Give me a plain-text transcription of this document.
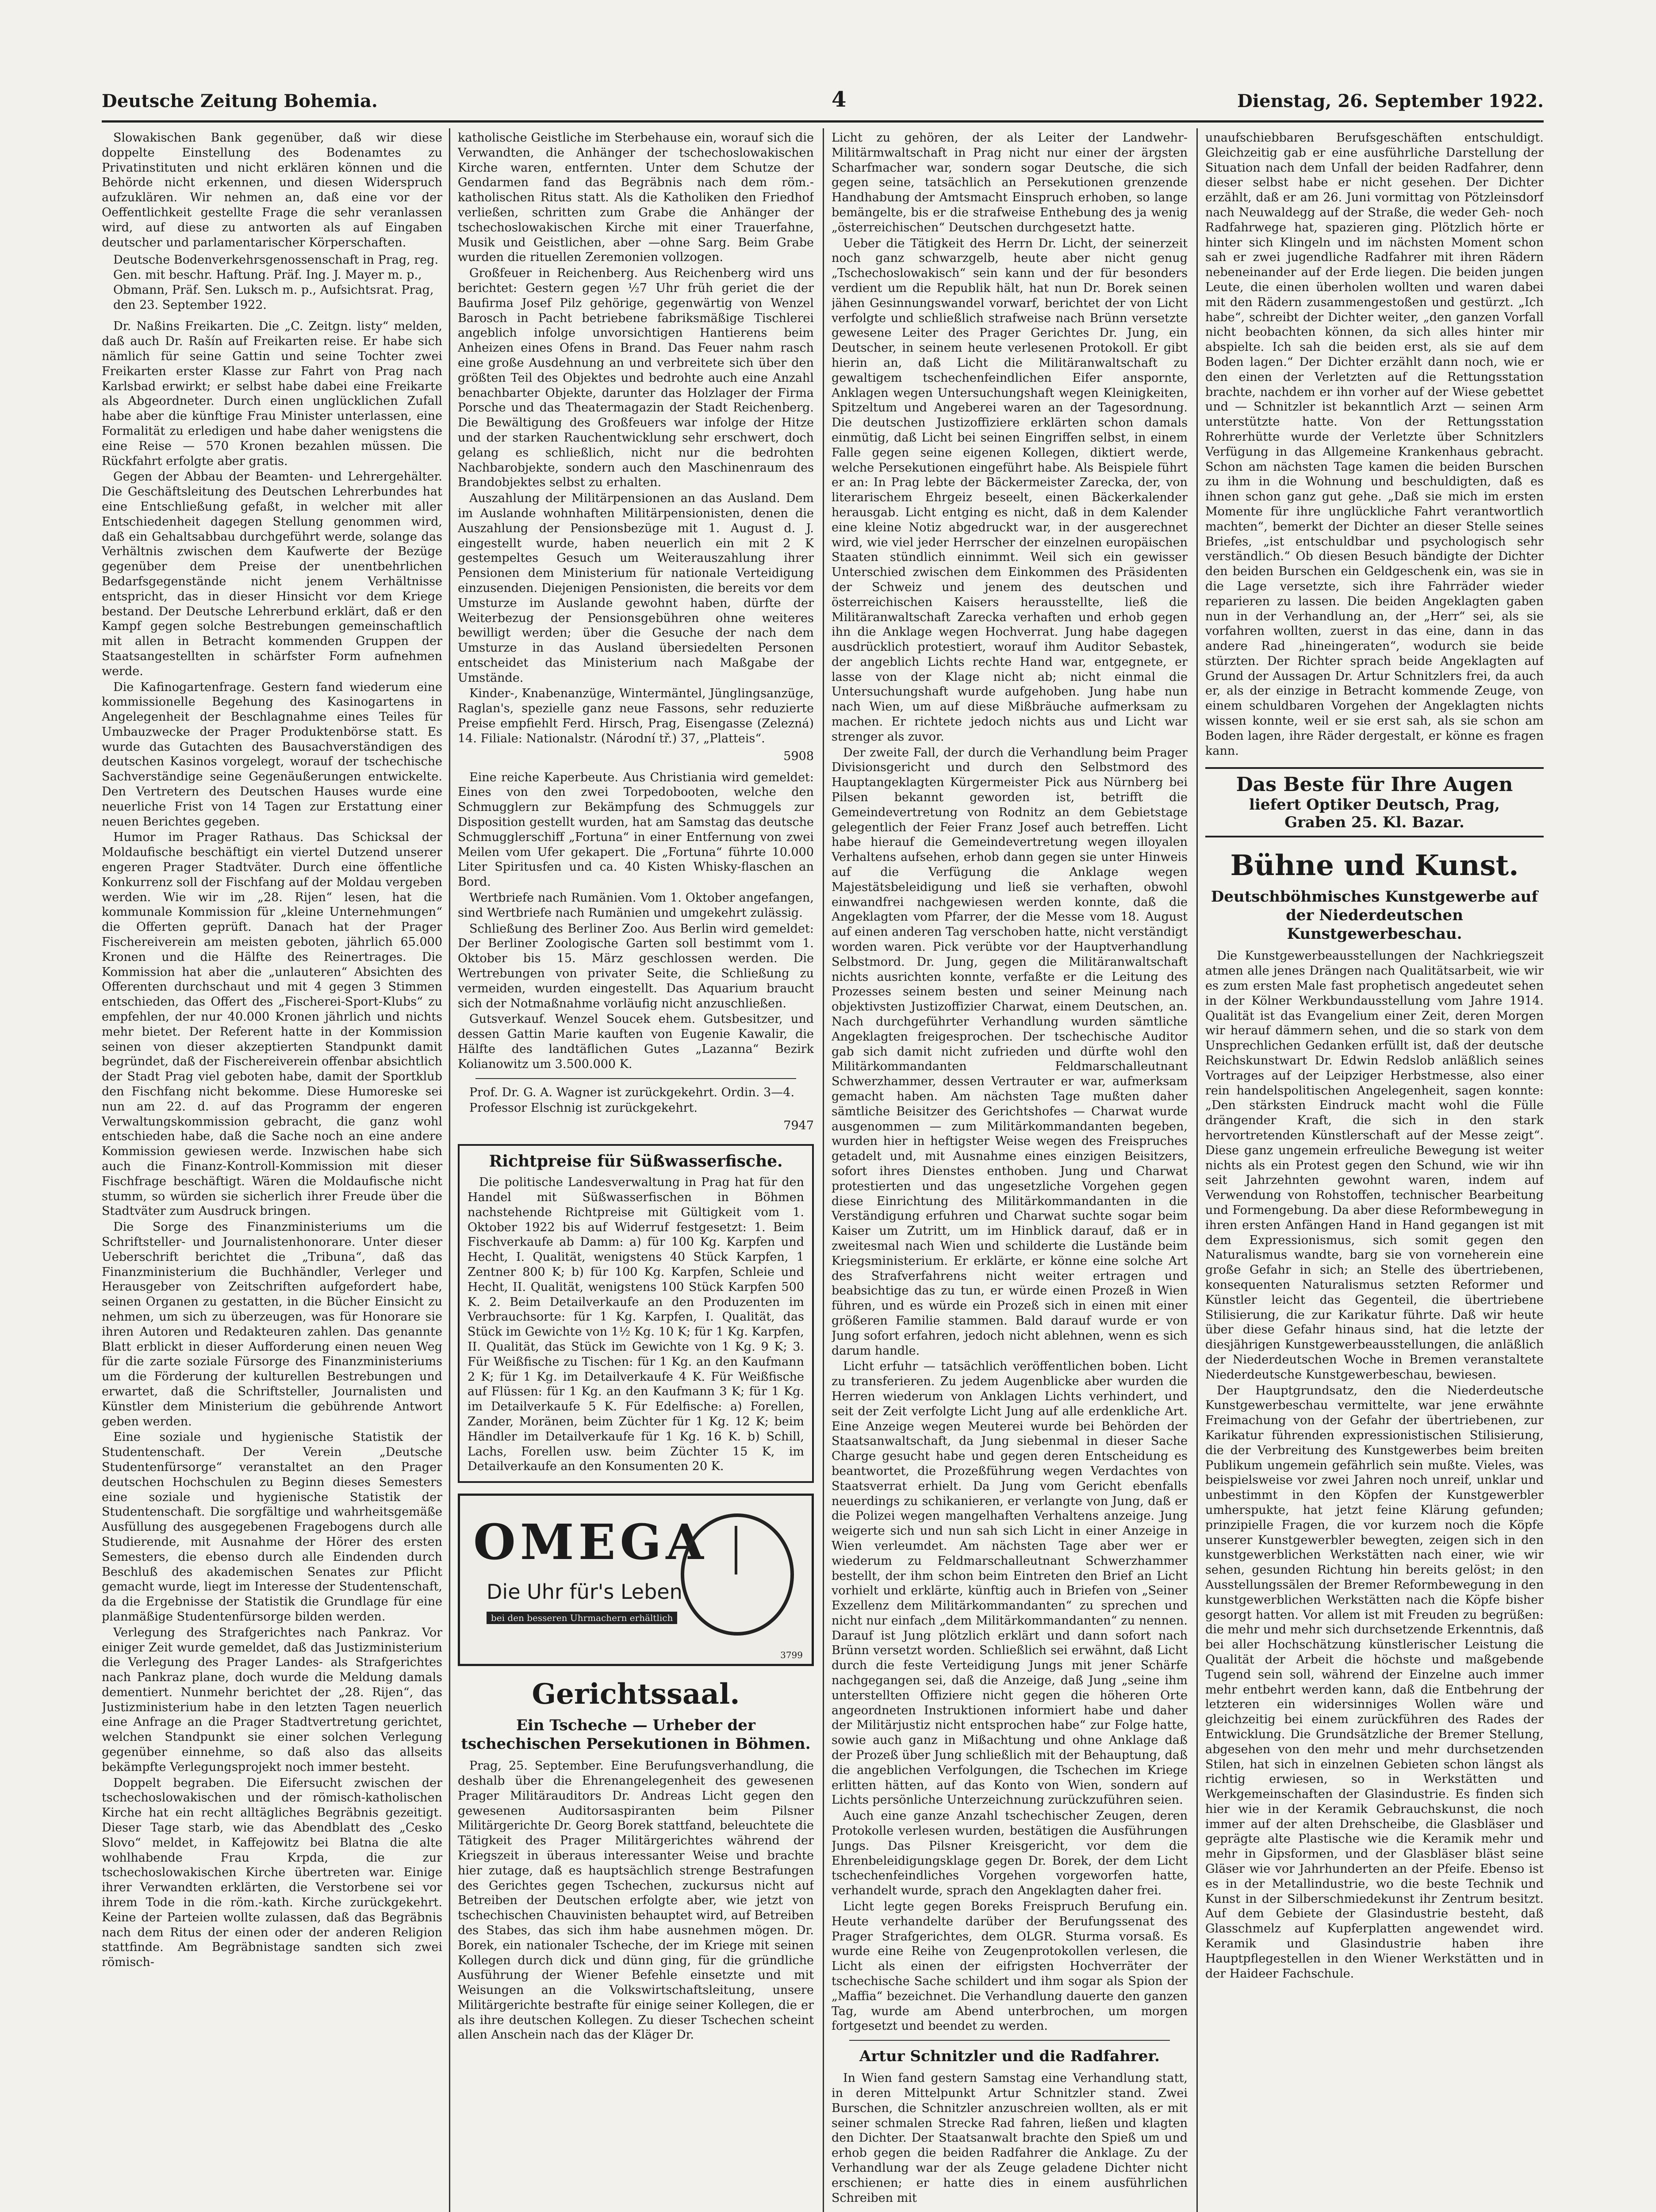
Deutsche Zeitung Bohemia.	4	Dienstag, 26. September 1922.

Slowakischen Bank gegenüber, daß wir diese doppelte Einstellung des Bodenamtes zu Privatinstituten und nicht erklären können und die Behörde nicht erkennen, und diesen Widerspruch aufzuklären. Wir nehmen an, daß eine vor der Oeffentlichkeit gestellte Frage die sehr veranlassen wird, auf diese zu antworten als auf Eingaben deutscher und parlamentarischer Körperschaften.

Deutsche Bodenverkehrsgenossenschaft in Prag, reg. Gen. mit beschr. Haftung. Präf. Ing. J. Mayer m. p., Obmann, Präf. Sen. Luksch m. p., Aufsichtsrat. Prag, den 23. September 1922.

Dr. Naßins Freikarten. Die „C. Zeitgn. listy“ melden, daß auch Dr. Rašín auf Freikarten reise. Er habe sich nämlich für seine Gattin und seine Tochter zwei Freikarten erster Klasse zur Fahrt von Prag nach Karlsbad erwirkt; er selbst habe dabei eine Freikarte als Abgeordneter. Durch einen unglücklichen Zufall habe aber die künftige Frau Minister unterlassen, eine Formalität zu erledigen und habe daher wenigstens die eine Reise — 570 Kronen bezahlen müssen. Die Rückfahrt erfolgte aber gratis.

Gegen der Abbau der Beamten- und Lehrergehälter. Die Geschäftsleitung des Deutschen Lehrerbundes hat eine Entschließung gefaßt, in welcher mit aller Entschiedenheit dagegen Stellung genommen wird, daß ein Gehaltsabbau durchgeführt werde, solange das Verhältnis zwischen dem Kaufwerte der Bezüge gegenüber dem Preise der unentbehrlichen Bedarfsgegenstände nicht jenem Verhältnisse entspricht, das in dieser Hinsicht vor dem Kriege bestand. Der Deutsche Lehrerbund erklärt, daß er den Kampf gegen solche Bestrebungen gemeinschaftlich mit allen in Betracht kommenden Gruppen der Staatsangestellten in schärfster Form aufnehmen werde.

Die Kafinogartenfrage. Gestern fand wiederum eine kommissionelle Begehung des Kasinogartens in Angelegenheit der Beschlagnahme eines Teiles für Umbauzwecke der Prager Produktenbörse statt. Es wurde das Gutachten des Bausachverständigen des deutschen Kasinos vorgelegt, worauf der tschechische Sachverständige seine Gegenäußerungen entwickelte. Den Vertretern des Deutschen Hauses wurde eine neuerliche Frist von 14 Tagen zur Erstattung einer neuen Berichtes gegeben.

Humor im Prager Rathaus. Das Schicksal der Moldaufische beschäftigt ein viertel Dutzend unserer engeren Prager Stadtväter. Durch eine öffentliche Konkurrenz soll der Fischfang auf der Moldau vergeben werden. Wie wir im „28. Rijen“ lesen, hat die kommunale Kommission für „kleine Unternehmungen“ die Offerten geprüft. Danach hat der Prager Fischereiverein am meisten geboten, jährlich 65.000 Kronen und die Hälfte des Reinertrages. Die Kommission hat aber die „unlauteren“ Absichten des Offerenten durchschaut und mit 4 gegen 3 Stimmen entschieden, das Offert des „Fischerei-Sport-Klubs“ zu empfehlen, der nur 40.000 Kronen jährlich und nichts mehr bietet. Der Referent hatte in der Kommission seinen von dieser akzeptierten Standpunkt damit begründet, daß der Fischereiverein offenbar absichtlich der Stadt Prag viel geboten habe, damit der Sportklub den Fischfang nicht bekomme. Diese Humoreske sei nun am 22. d. auf das Programm der engeren Verwaltungskommission gebracht, die ganz wohl entschieden habe, daß die Sache noch an eine andere Kommission gewiesen werde. Inzwischen habe sich auch die Finanz-Kontroll-Kommission mit dieser Fischfrage beschäftigt. Wären die Moldaufische nicht stumm, so würden sie sicherlich ihrer Freude über die Stadtväter zum Ausdruck bringen.

Die Sorge des Finanzministeriums um die Schriftsteller- und Journalistenhonorare. Unter dieser Ueberschrift berichtet die „Tribuna“, daß das Finanzministerium die Buchhändler, Verleger und Herausgeber von Zeitschriften aufgefordert habe, seinen Organen zu gestatten, in die Bücher Einsicht zu nehmen, um sich zu überzeugen, was für Honorare sie ihren Autoren und Redakteuren zahlen. Das genannte Blatt erblickt in dieser Aufforderung einen neuen Weg für die zarte soziale Fürsorge des Finanzministeriums um die Förderung der kulturellen Bestrebungen und erwartet, daß die Schriftsteller, Journalisten und Künstler dem Ministerium die gebührende Antwort geben werden.

Eine soziale und hygienische Statistik der Studentenschaft. Der Verein „Deutsche Studentenfürsorge“ veranstaltet an den Prager deutschen Hochschulen zu Beginn dieses Semesters eine soziale und hygienische Statistik der Studentenschaft. Die sorgfältige und wahrheitsgemäße Ausfüllung des ausgegebenen Fragebogens durch alle Studierende, mit Ausnahme der Hörer des ersten Semesters, die ebenso durch alle Eindenden durch Beschluß des akademischen Senates zur Pflicht gemacht wurde, liegt im Interesse der Studentenschaft, da die Ergebnisse der Statistik die Grundlage für eine planmäßige Studentenfürsorge bilden werden.

Verlegung des Strafgerichtes nach Pankraz. Vor einiger Zeit wurde gemeldet, daß das Justizministerium die Verlegung des Prager Landes- als Strafgerichtes nach Pankraz plane, doch wurde die Meldung damals dementiert. Nunmehr berichtet der „28. Rijen“, das Justizministerium habe in den letzten Tagen neuerlich eine Anfrage an die Prager Stadtvertretung gerichtet, welchen Standpunkt sie einer solchen Verlegung gegenüber einnehme, so daß also das allseits bekämpfte Verlegungsprojekt noch immer besteht.

Doppelt begraben. Die Eifersucht zwischen der tschechoslowakischen und der römisch-katholischen Kirche hat ein recht alltägliches Begräbnis gezeitigt. Dieser Tage starb, wie das Abendblatt des „Cesko Slovo“ meldet, in Kaffejowitz bei Blatna die alte wohlhabende Frau Krpda, die zur tschechoslowakischen Kirche übertreten war. Einige ihrer Verwandten erklärten, die Verstorbene sei vor ihrem Tode in die röm.-kath. Kirche zurückgekehrt. Keine der Parteien wollte zulassen, daß das Begräbnis nach dem Ritus der einen oder der anderen Religion stattfinde. Am Begräbnistage sandten sich zwei römisch-

katholische Geistliche im Sterbehause ein, worauf sich die Verwandten, die Anhänger der tschechoslowakischen Kirche waren, entfernten. Unter dem Schutze der Gendarmen fand das Begräbnis nach dem röm.-katholischen Ritus statt. Als die Katholiken den Friedhof verließen, schritten zum Grabe die Anhänger der tschechoslowakischen Kirche mit einer Trauerfahne, Musik und Geistlichen, aber —ohne Sarg. Beim Grabe wurden die rituellen Zeremonien vollzogen.

Großfeuer in Reichenberg. Aus Reichenberg wird uns berichtet: Gestern gegen ½7 Uhr früh geriet die der Baufirma Josef Pilz gehörige, gegenwärtig von Wenzel Barosch in Pacht betriebene fabriksmäßige Tischlerei angeblich infolge unvorsichtigen Hantierens beim Anheizen eines Ofens in Brand. Das Feuer nahm rasch eine große Ausdehnung an und verbreitete sich über den größten Teil des Objektes und bedrohte auch eine Anzahl benachbarter Objekte, darunter das Holzlager der Firma Porsche und das Theatermagazin der Stadt Reichenberg. Die Bewältigung des Großfeuers war infolge der Hitze und der starken Rauchentwicklung sehr erschwert, doch gelang es schließlich, nicht nur die bedrohten Nachbarobjekte, sondern auch den Maschinenraum des Brandobjektes selbst zu erhalten.

Auszahlung der Militärpensionen an das Ausland. Dem im Auslande wohnhaften Militärpensionisten, denen die Auszahlung der Pensionsbezüge mit 1. August d. J. eingestellt wurde, haben neuerlich ein mit 2 K gestempeltes Gesuch um Weiterauszahlung ihrer Pensionen dem Ministerium für nationale Verteidigung einzusenden. Diejenigen Pensionisten, die bereits vor dem Umsturze im Auslande gewohnt haben, dürfte der Weiterbezug der Pensionsgebühren ohne weiteres bewilligt werden; über die Gesuche der nach dem Umsturze in das Ausland übersiedelten Personen entscheidet das Ministerium nach Maßgabe der Umstände.

Kinder-, Knabenanzüge, Wintermäntel, Jünglingsanzüge, Raglan's, spezielle ganz neue Fassons, sehr reduzierte Preise empfiehlt Ferd. Hirsch, Prag, Eisengasse (Zelezná) 14. Filiale: Nationalstr. (Národní tř.) 37, „Platteis“.

5908

Eine reiche Kaperbeute. Aus Christiania wird gemeldet: Eines von den zwei Torpedobooten, welche den Schmugglern zur Bekämpfung des Schmuggels zur Disposition gestellt wurden, hat am Samstag das deutsche Schmugglerschiff „Fortuna“ in einer Entfernung von zwei Meilen vom Ufer gekapert. Die „Fortuna“ führte 10.000 Liter Spiritusfen und ca. 40 Kisten Whisky-flaschen an Bord.

Wertbriefe nach Rumänien. Vom 1. Oktober angefangen, sind Wertbriefe nach Rumänien und umgekehrt zulässig.

Schließung des Berliner Zoo. Aus Berlin wird gemeldet: Der Berliner Zoologische Garten soll bestimmt vom 1. Oktober bis 15. März geschlossen werden. Die Wertrebungen von privater Seite, die Schließung zu vermeiden, wurden eingestellt. Das Aquarium braucht sich der Notmaßnahme vorläufig nicht anzuschließen.

Gutsverkauf. Wenzel Soucek ehem. Gutsbesitzer, und dessen Gattin Marie kauften von Eugenie Kawalir, die Hälfte des landtäflichen Gutes „Lazanna“ Bezirk Kolianowitz um 3.500.000 K.

Prof. Dr. G. A. Wagner ist zurückgekehrt. Ordin. 3—4.

Professor Elschnig ist zurückgekehrt.

7947
Richtpreise für Süßwasserfische.

Die politische Landesverwaltung in Prag hat für den Handel mit Süßwasserfischen in Böhmen nachstehende Richtpreise mit Gültigkeit vom 1. Oktober 1922 bis auf Widerruf festgesetzt: 1. Beim Fischverkaufe ab Damm: a) für 100 Kg. Karpfen und Hecht, I. Qualität, wenigstens 40 Stück Karpfen, 1 Zentner 800 K; b) für 100 Kg. Karpfen, Schleie und Hecht, II. Qualität, wenigstens 100 Stück Karpfen 500 K. 2. Beim Detailverkaufe an den Produzenten im Verbrauchsorte: für 1 Kg. Karpfen, I. Qualität, das Stück im Gewichte von 1½ Kg. 10 K; für 1 Kg. Karpfen, II. Qualität, das Stück im Gewichte von 1 Kg. 9 K; 3. Für Weißfische zu Tischen: für 1 Kg. an den Kaufmann 2 K; für 1 Kg. im Detailverkaufe 4 K. Für Weißfische auf Flüssen: für 1 Kg. an den Kaufmann 3 K; für 1 Kg. im Detailverkaufe 5 K. Für Edelfische: a) Forellen, Zander, Moränen, beim Züchter für 1 Kg. 12 K; beim Händler im Detailverkaufe für 1 Kg. 16 K. b) Schill, Lachs, Forellen usw. beim Züchter 15 K, im Detailverkaufe an den Konsumenten 20 K.

OMEGA
Die Uhr für's Leben
bei den besseren Uhrmachern erhältlich
3799
Gerichtssaal.
Ein Tscheche — Urheber der tschechischen Persekutionen in Böhmen.

Prag, 25. September. Eine Berufungsverhandlung, die deshalb über die Ehrenangelegenheit des gewesenen Prager Militärauditors Dr. Andreas Licht gegen den gewesenen Auditorsaspiranten beim Pilsner Militärgerichte Dr. Georg Borek stattfand, beleuchtete die Tätigkeit des Prager Militärgerichtes während der Kriegszeit in überaus interessanter Weise und brachte hier zutage, daß es hauptsächlich strenge Bestrafungen des Gerichtes gegen Tschechen, zuckursus nicht auf Betreiben der Deutschen erfolgte aber, wie jetzt von tschechischen Chauvinisten behauptet wird, auf Betreiben des Stabes, das sich ihm habe ausnehmen mögen. Dr. Borek, ein nationaler Tscheche, der im Kriege mit seinen Kollegen durch dick und dünn ging, für die gründliche Ausführung der Wiener Befehle einsetzte und mit Weisungen an die Volkswirtschaftsleitung, unsere Militärgerichte bestrafte für einige seiner Kollegen, die er als ihre deutschen Kollegen. Zu dieser Tschechen scheint allen Anschein nach das der Kläger Dr.

Licht zu gehören, der als Leiter der Landwehr-Militärmwaltschaft in Prag nicht nur einer der ärgsten Scharfmacher war, sondern sogar Deutsche, die sich gegen seine, tatsächlich an Persekutionen grenzende Handhabung der Amtsmacht Einspruch erhoben, so lange bemängelte, bis er die strafweise Enthebung des ja wenig „österreichischen“ Deutschen durchgesetzt hatte.

Ueber die Tätigkeit des Herrn Dr. Licht, der seinerzeit noch ganz schwarzgelb, heute aber nicht genug „Tschechoslowakisch“ sein kann und der für besonders verdient um die Republik hält, hat nun Dr. Borek seinen jähen Gesinnungswandel vorwarf, berichtet der von Licht verfolgte und schließlich strafweise nach Brünn versetzte gewesene Leiter des Prager Gerichtes Dr. Jung, ein Deutscher, in seinem heute verlesenen Protokoll. Er gibt hierin an, daß Licht die Militäranwaltschaft zu gewaltigem tschechenfeindlichen Eifer anspornte, Anklagen wegen Untersuchungshaft wegen Kleinigkeiten, Spitzeltum und Angeberei waren an der Tagesordnung. Die deutschen Justizoffiziere erklärten schon damals einmütig, daß Licht bei seinen Eingriffen selbst, in einem Falle gegen seine eigenen Kollegen, diktiert werde, welche Persekutionen eingeführt habe. Als Beispiele führt er an: In Prag lebte der Bäckermeister Zarecka, der, von literarischem Ehrgeiz beseelt, einen Bäckerkalender herausgab. Licht entging es nicht, daß in dem Kalender eine kleine Notiz abgedruckt war, in der ausgerechnet wird, wie viel jeder Herrscher der einzelnen europäischen Staaten stündlich einnimmt. Weil sich ein gewisser Unterschied zwischen dem Einkommen des Präsidenten der Schweiz und jenem des deutschen und österreichischen Kaisers herausstellte, ließ die Militäranwaltschaft Zarecka verhaften und erhob gegen ihn die Anklage wegen Hochverrat. Jung habe dagegen ausdrücklich protestiert, worauf ihm Auditor Sebastek, der angeblich Lichts rechte Hand war, entgegnete, er lasse von der Klage nicht ab; nicht einmal die Untersuchungshaft wurde aufgehoben. Jung habe nun nach Wien, um auf diese Mißbräuche aufmerksam zu machen. Er richtete jedoch nichts aus und Licht war strenger als zuvor.

Der zweite Fall, der durch die Verhandlung beim Prager Divisionsgericht und durch den Selbstmord des Hauptangeklagten Kürgermeister Pick aus Nürnberg bei Pilsen bekannt geworden ist, betrifft die Gemeindevertretung von Rodnitz an dem Gebietstage gelegentlich der Feier Franz Josef auch betreffen. Licht habe hierauf die Gemeindevertretung wegen illoyalen Verhaltens aufsehen, erhob dann gegen sie unter Hinweis auf die Verfügung die Anklage wegen Majestätsbeleidigung und ließ sie verhaften, obwohl einwandfrei nachgewiesen werden konnte, daß die Angeklagten vom Pfarrer, der die Messe vom 18. August auf einen anderen Tag verschoben hatte, nicht verständigt worden waren. Pick verübte vor der Hauptverhandlung Selbstmord. Dr. Jung, gegen die Militäranwaltschaft nichts ausrichten konnte, verfaßte er die Leitung des Prozesses seinem besten und seiner Meinung nach objektivsten Justizoffizier Charwat, einem Deutschen, an. Nach durchgeführter Verhandlung wurden sämtliche Angeklagten freigesprochen. Der tschechische Auditor gab sich damit nicht zufrieden und dürfte wohl den Militärkommandanten Feldmarschalleutnant Schwerzhammer, dessen Vertrauter er war, aufmerksam gemacht haben. Am nächsten Tage mußten daher sämtliche Beisitzer des Gerichtshofes — Charwat wurde ausgenommen — zum Militärkommandanten begeben, wurden hier in heftigster Weise wegen des Freispruches getadelt und, mit Ausnahme eines einzigen Beisitzers, sofort ihres Dienstes enthoben. Jung und Charwat protestierten und das ungesetzliche Vorgehen gegen diese Einrichtung des Militärkommandanten in die Verständigung erfuhren und Charwat suchte sogar beim Kaiser um Zutritt, um im Hinblick darauf, daß er in zweitesmal nach Wien und schilderte die Lustände beim Kriegsministerium. Er erklärte, er könne eine solche Art des Strafverfahrens nicht weiter ertragen und beabsichtige das zu tun, er würde einen Prozeß in Wien führen, und es würde ein Prozeß sich in einen mit einer größeren Familie stammen. Bald darauf wurde er von Jung sofort erfahren, jedoch nicht ablehnen, wenn es sich darum handle.

Licht erfuhr — tatsächlich veröffentlichen boben. Licht zu transferieren. Zu jedem Augenblicke aber wurden die Herren wiederum von Anklagen Lichts verhindert, und seit der Zeit verfolgte Licht Jung auf alle erdenkliche Art. Eine Anzeige wegen Meuterei wurde bei Behörden der Staatsanwaltschaft, da Jung siebenmal in dieser Sache Charge gesucht habe und gegen deren Entscheidung es beantwortet, die Prozeßführung wegen Verdachtes von Staatsverrat erhielt. Da Jung vom Gericht ebenfalls neuerdings zu schikanieren, er verlangte von Jung, daß er die Polizei wegen mangelhaften Verhaltens anzeige. Jung weigerte sich und nun sah sich Licht in einer Anzeige in Wien verleumdet. Am nächsten Tage aber wer er wiederum zu Feldmarschalleutnant Schwerzhammer bestellt, der ihm schon beim Eintreten den Brief an Licht vorhielt und erklärte, künftig auch in Briefen von „Seiner Exzellenz dem Militärkommandanten“ zu sprechen und nicht nur einfach „dem Militärkommandanten“ zu nennen. Darauf ist Jung plötzlich erklärt und dann sofort nach Brünn versetzt worden. Schließlich sei erwähnt, daß Licht durch die feste Verteidigung Jungs mit jener Schärfe nachgegangen sei, daß die Anzeige, daß Jung „seine ihm unterstellten Offiziere nicht gegen die höheren Orte angeordneten Instruktionen informiert habe und daher der Militärjustiz nicht entsprochen habe“ zur Folge hatte, sowie auch ganz in Mißachtung und ohne Anklage daß der Prozeß über Jung schließlich mit der Behauptung, daß die angeblichen Verfolgungen, die Tschechen im Kriege erlitten hätten, auf das Konto von Wien, sondern auf Lichts persönliche Unterzeichnung zurückzuführen seien.

Auch eine ganze Anzahl tschechischer Zeugen, deren Protokolle verlesen wurden, bestätigen die Ausführungen Jungs. Das Pilsner Kreisgericht, vor dem die Ehrenbeleidigungsklage gegen Dr. Borek, der dem Licht tschechenfeindliches Vorgehen vorgeworfen hatte, verhandelt wurde, sprach den Angeklagten daher frei.

Licht legte gegen Boreks Freispruch Berufung ein. Heute verhandelte darüber der Berufungssenat des Prager Strafgerichtes, dem OLGR. Sturma vorsaß. Es wurde eine Reihe von Zeugenprotokollen verlesen, die Licht als einen der eifrigsten Hochverräter der tschechische Sache schildert und ihm sogar als Spion der „Maffia“ bezeichnet. Die Verhandlung dauerte den ganzen Tag, wurde am Abend unterbrochen, um morgen fortgesetzt und beendet zu werden.

Artur Schnitzler und die Radfahrer.

In Wien fand gestern Samstag eine Verhandlung statt, in deren Mittelpunkt Artur Schnitzler stand. Zwei Burschen, die Schnitzler anzuschreien wollten, als er mit seiner schmalen Strecke Rad fahren, ließen und klagten den Dichter. Der Staatsanwalt brachte den Spieß um und erhob gegen die beiden Radfahrer die Anklage. Zu der Verhandlung war der als Zeuge geladene Dichter nicht erschienen; er hatte dies in einem ausführlichen Schreiben mit

unaufschiebbaren Berufsgeschäften entschuldigt. Gleichzeitig gab er eine ausführliche Darstellung der Situation nach dem Unfall der beiden Radfahrer, denn dieser selbst habe er nicht gesehen. Der Dichter erzählt, daß er am 26. Juni vormittag von Pötzleinsdorf nach Neuwaldegg auf der Straße, die weder Geh- noch Radfahrwege hat, spazieren ging. Plötzlich hörte er hinter sich Klingeln und im nächsten Moment schon sah er zwei jugendliche Radfahrer mit ihren Rädern nebeneinander auf der Erde liegen. Die beiden jungen Leute, die einen überholen wollten und waren dabei mit den Rädern zusammengestoßen und gestürzt. „Ich habe“, schreibt der Dichter weiter, „den ganzen Vorfall nicht beobachten können, da sich alles hinter mir abspielte. Ich sah die beiden erst, als sie auf dem Boden lagen.“ Der Dichter erzählt dann noch, wie er den einen der Verletzten auf die Rettungsstation brachte, nachdem er ihn vorher auf der Wiese gebettet und — Schnitzler ist bekanntlich Arzt — seinen Arm unterstützte hatte. Von der Rettungsstation Rohrerhütte wurde der Verletzte über Schnitzlers Verfügung in das Allgemeine Krankenhaus gebracht. Schon am nächsten Tage kamen die beiden Burschen zu ihm in die Wohnung und beschuldigten, daß es ihnen schon ganz gut gehe. „Daß sie mich im ersten Momente für ihre unglückliche Fahrt verantwortlich machten“, bemerkt der Dichter an dieser Stelle seines Briefes, „ist entschuldbar und psychologisch sehr verständlich.“ Ob diesen Besuch bändigte der Dichter den beiden Burschen ein Geldgeschenk ein, was sie in die Lage versetzte, sich ihre Fahrräder wieder reparieren zu lassen. Die beiden Angeklagten gaben nun in der Verhandlung an, der „Herr“ sei, als sie vorfahren wollten, zuerst in das eine, dann in das andere Rad „hineingeraten“, wodurch sie beide stürzten. Der Richter sprach beide Angeklagten auf Grund der Aussagen Dr. Artur Schnitzlers frei, da auch er, als der einzige in Betracht kommende Zeuge, von einem schuldbaren Vorgehen der Angeklagten nichts wissen konnte, weil er sie erst sah, als sie schon am Boden lagen, ihre Räder dergestalt, er könne es fragen kann.

Das Beste für Ihre Augen
liefert Optiker Deutsch, Prag,
Graben 25. Kl. Bazar.
Bühne und Kunst.
Deutschböhmisches Kunstgewerbe auf der Niederdeutschen Kunstgewerbeschau.

Die Kunstgewerbeausstellungen der Nachkriegszeit atmen alle jenes Drängen nach Qualitätsarbeit, wie wir es zum ersten Male fast prophetisch angedeutet sehen in der Kölner Werkbundausstellung vom Jahre 1914. Qualität ist das Evangelium einer Zeit, deren Morgen wir herauf dämmern sehen, und die so stark von dem Unsprechlichen Gedanken erfüllt ist, daß der deutsche Reichskunstwart Dr. Edwin Redslob anläßlich seines Vortrages auf der Leipziger Herbstmesse, also einer rein handelspolitischen Angelegenheit, sagen konnte: „Den stärksten Eindruck macht wohl die Fülle drängender Kraft, die sich in den stark hervortretenden Künstlerschaft auf der Messe zeigt“. Diese ganz ungemein erfreuliche Bewegung ist weiter nichts als ein Protest gegen den Schund, wie wir ihn seit Jahrzehnten gewohnt waren, indem auf Verwendung von Rohstoffen, technischer Bearbeitung und Formengebung. Da aber diese Reformbewegung in ihren ersten Anfängen Hand in Hand gegangen ist mit dem Expressionismus, sich somit gegen den Naturalismus wandte, barg sie von vorneherein eine große Gefahr in sich; an Stelle des übertriebenen, konsequenten Naturalismus setzten Reformer und Künstler leicht das Gegenteil, die übertriebene Stilisierung, die zur Karikatur führte. Daß wir heute über diese Gefahr hinaus sind, hat die letzte der diesjährigen Kunstgewerbeausstellungen, die anläßlich der Niederdeutschen Woche in Bremen veranstaltete Niederdeutsche Kunstgewerbeschau, bewiesen.

Der Hauptgrundsatz, den die Niederdeutsche Kunstgewerbeschau vermittelte, war jene erwähnte Freimachung von der Gefahr der übertriebenen, zur Karikatur führenden expressionistischen Stilisierung, die der Verbreitung des Kunstgewerbes beim breiten Publikum ungemein gefährlich sein mußte. Vieles, was beispielsweise vor zwei Jahren noch unreif, unklar und unbestimmt in den Köpfen der Kunstgewerbler umherspukte, hat jetzt feine Klärung gefunden; prinzipielle Fragen, die vor kurzem noch die Köpfe unserer Kunstgewerbler bewegten, zeigen sich in den kunstgewerblichen Werkstätten nach einer, wie wir sehen, gesunden Richtung hin bereits gelöst; in den Ausstellungssälen der Bremer Reformbewegung in den kunstgewerblichen Werkstätten nach die Köpfe bisher gesorgt hatten. Vor allem ist mit Freuden zu begrüßen: die mehr und mehr sich durchsetzende Erkenntnis, daß bei aller Hochschätzung künstlerischer Leistung die Qualität der Arbeit die höchste und maßgebende Tugend sein soll, während der Einzelne auch immer mehr entbehrt werden kann, daß die Entbehrung der letzteren ein widersinniges Wollen wäre und gleichzeitig bei einem zurückführen des Rades der Entwicklung. Die Grundsätzliche der Bremer Stellung, abgesehen von den mehr und mehr durchsetzenden Stilen, hat sich in einzelnen Gebieten schon längst als richtig erwiesen, so in Werkstätten und Werkgemeinschaften der Glasindustrie. Es finden sich hier wie in der Keramik Gebrauchskunst, die noch immer auf der alten Drehscheibe, die Glasbläser und geprägte alte Plastische wie die Keramik mehr und mehr in Gipsformen, und der Glasbläser bläst seine Gläser wie vor Jahrhunderten an der Pfeife. Ebenso ist es in der Metallindustrie, wo die beste Technik und Kunst in der Silberschmiedekunst ihr Zentrum besitzt. Auf dem Gebiete der Glasindustrie besteht, daß Glasschmelz auf Kupferplatten angewendet wird. Keramik und Glasindustrie haben ihre Hauptpflegestellen in den Wiener Werkstätten und in der Haideer Fachschule.
